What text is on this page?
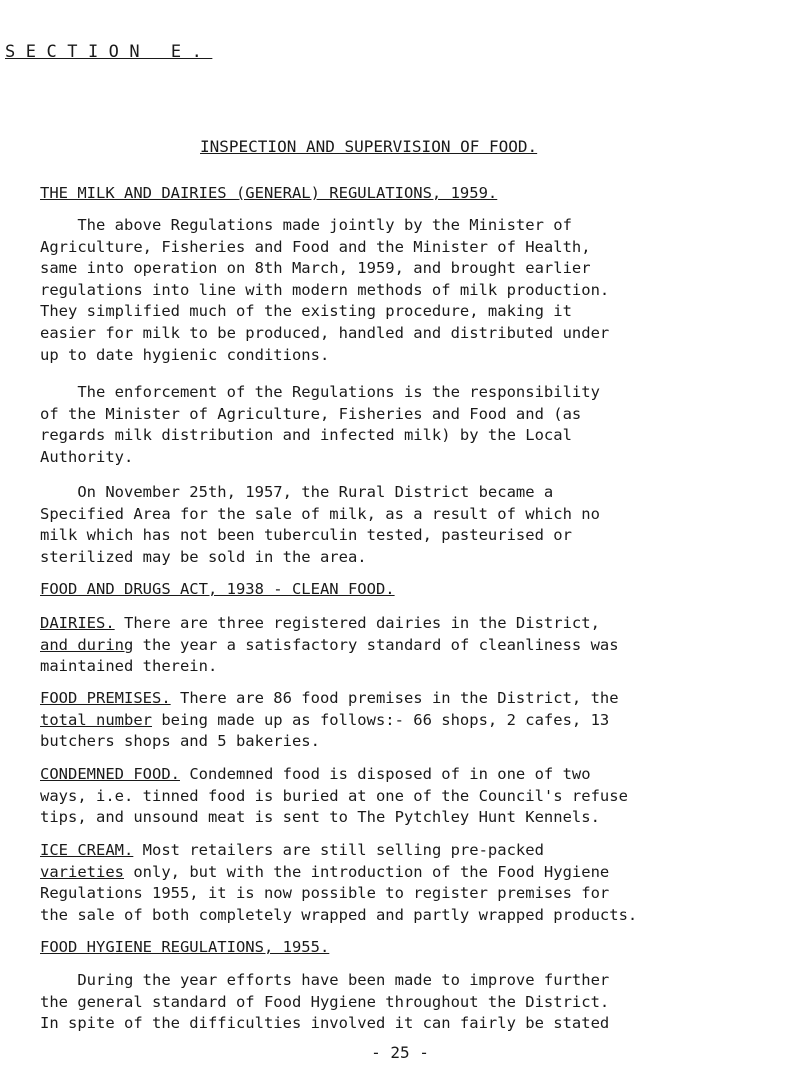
SECTION E.
INSPECTION AND SUPERVISION OF FOOD.
THE MILK AND DAIRIES (GENERAL) REGULATIONS, 1959.
The above Regulations made jointly by the Minister of
Agriculture, Fisheries and Food and the Minister of Health,
same into operation on 8th March, 1959, and brought earlier
regulations into line with modern methods of milk production.
They simplified much of the existing procedure, making it
easier for milk to be produced, handled and distributed under
up to date hygienic conditions.
The enforcement of the Regulations is the responsibility
of the Minister of Agriculture, Fisheries and Food and (as
regards milk distribution and infected milk) by the Local
Authority.
On November 25th, 1957, the Rural District became a
Specified Area for the sale of milk, as a result of which no
milk which has not been tuberculin tested, pasteurised or
sterilized may be sold in the area.
FOOD AND DRUGS ACT, 1938 - CLEAN FOOD.
DAIRIES. There are three registered dairies in the District,
and during the year a satisfactory standard of cleanliness was
maintained therein.
FOOD PREMISES. There are 86 food premises in the District, the
total number being made up as follows:- 66 shops, 2 cafes, 13
butchers shops and 5 bakeries.
CONDEMNED FOOD. Condemned food is disposed of in one of two
ways, i.e. tinned food is buried at one of the Council's refuse
tips, and unsound meat is sent to The Pytchley Hunt Kennels.
ICE CREAM. Most retailers are still selling pre-packed
varieties only, but with the introduction of the Food Hygiene
Regulations 1955, it is now possible to register premises for
the sale of both completely wrapped and partly wrapped products.
FOOD HYGIENE REGULATIONS, 1955.
During the year efforts have been made to improve further
the general standard of Food Hygiene throughout the District.
In spite of the difficulties involved it can fairly be stated
- 25 -
